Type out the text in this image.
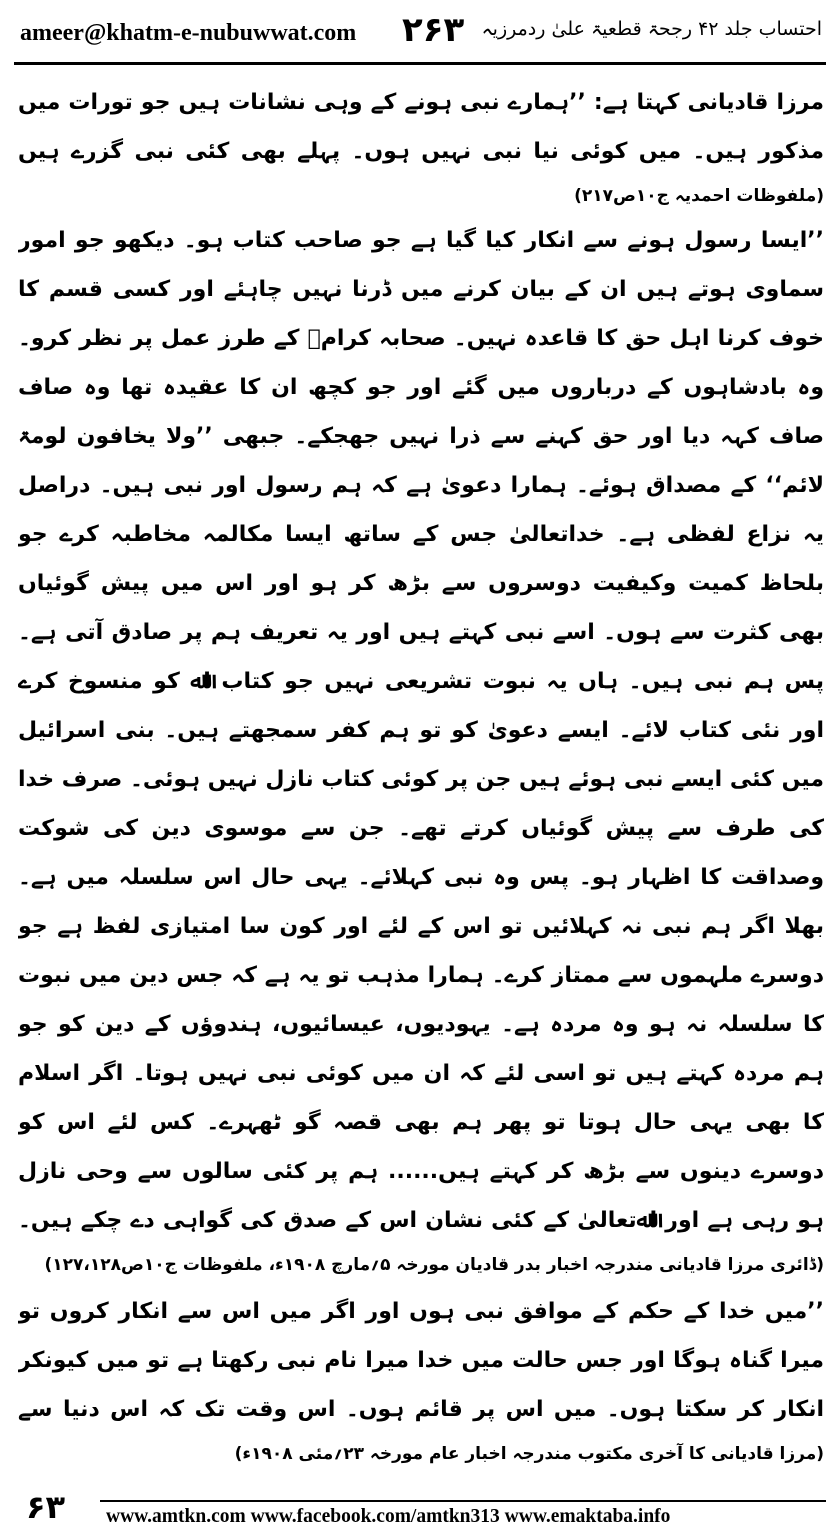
ameer@khatm-e-nubuwwat.com ۲۶۳ احتساب جلد ۴۲ رجحۃ قطعیۃ علیٰ ردمرزیہ

مرزا قادیانی کہتا ہے: ’’ہمارے نبی ہونے کے وہی نشانات ہیں جو تورات میں مذکور ہیں۔ میں کوئی نیا نبی نہیں ہوں۔ پہلے بھی کئی نبی گزرے ہیں

(ملفوظات احمدیہ ج۱۰ص۲۱۷)

’’ایسا رسول ہونے سے انکار کیا گیا ہے جو صاحب کتاب ہو۔ دیکھو جو امور سماوی ہوتے ہیں ان کے بیان کرنے میں ڈرنا نہیں چاہئے اور کسی قسم کا خوف کرنا اہل حق کا قاعدہ نہیں۔ صحابہ کرامؓ کے طرز عمل پر نظر کرو۔ وہ بادشاہوں کے درباروں میں گئے اور جو کچھ ان کا عقیدہ تھا وہ صاف صاف کہہ دیا اور حق کہنے سے ذرا نہیں جھجکے۔ جبھی ’’ولا یخافون لومۃ لائم‘‘ کے مصداق ہوئے۔ ہمارا دعویٰ ہے کہ ہم رسول اور نبی ہیں۔ دراصل یہ نزاع لفظی ہے۔ خداتعالیٰ جس کے ساتھ ایسا مکالمہ مخاطبہ کرے جو بلحاظ کمیت وکیفیت دوسروں سے بڑھ کر ہو اور اس میں پیش گوئیاں بھی کثرت سے ہوں۔ اسے نبی کہتے ہیں اور یہ تعریف ہم پر صادق آتی ہے۔ پس ہم نبی ہیں۔ ہاں یہ نبوت تشریعی نہیں جو کتاب اﷲ کو منسوخ کرے اور نئی کتاب لائے۔ ایسے دعویٰ کو تو ہم کفر سمجھتے ہیں۔ بنی اسرائیل میں کئی ایسے نبی ہوئے ہیں جن پر کوئی کتاب نازل نہیں ہوئی۔ صرف خدا کی طرف سے پیش گوئیاں کرتے تھے۔ جن سے موسوی دین کی شوکت وصداقت کا اظہار ہو۔ پس وہ نبی کہلائے۔ یہی حال اس سلسلہ میں ہے۔ بھلا اگر ہم نبی نہ کہلائیں تو اس کے لئے اور کون سا امتیازی لفظ ہے جو دوسرے ملہموں سے ممتاز کرے۔ ہمارا مذہب تو یہ ہے کہ جس دین میں نبوت کا سلسلہ نہ ہو وہ مردہ ہے۔ یہودیوں، عیسائیوں، ہندوؤں کے دین کو جو ہم مردہ کہتے ہیں تو اسی لئے کہ ان میں کوئی نبی نہیں ہوتا۔ اگر اسلام کا بھی یہی حال ہوتا تو پھر ہم بھی قصہ گو ٹھہرے۔ کس لئے اس کو دوسرے دینوں سے بڑھ کر کہتے ہیں...... ہم پر کئی سالوں سے وحی نازل ہو رہی ہے اور اﷲتعالیٰ کے کئی نشان اس کے صدق کی گواہی دے چکے ہیں۔

(ڈائری مرزا قادیانی مندرجہ اخبار بدر قادیان مورخہ ۵؍مارچ ۱۹۰۸ء، ملفوظات ج۱۰ص۱۲۷،۱۲۸)

’’میں خدا کے حکم کے موافق نبی ہوں اور اگر میں اس سے انکار کروں تو میرا گناہ ہوگا اور جس حالت میں خدا میرا نام نبی رکھتا ہے تو میں کیونکر انکار کر سکتا ہوں۔ میں اس پر قائم ہوں۔ اس وقت تک کہ اس دنیا سے

(مرزا قادیانی کا آخری مکتوب مندرجہ اخبار عام مورخہ ۲۳؍مئی ۱۹۰۸ء)

۶۳ www.amtkn.com www.facebook.com/amtkn313 www.emaktaba.info
